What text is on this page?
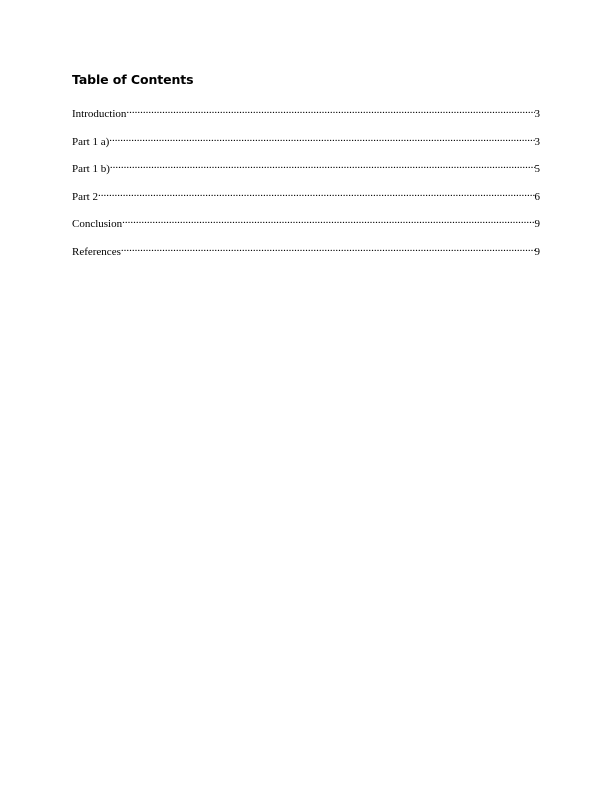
Table of Contents
Introduction .....	3
Part 1 a) .....	3
Part 1 b) .....	5
Part 2 .....	6
Conclusion .....	9
References .....	9
